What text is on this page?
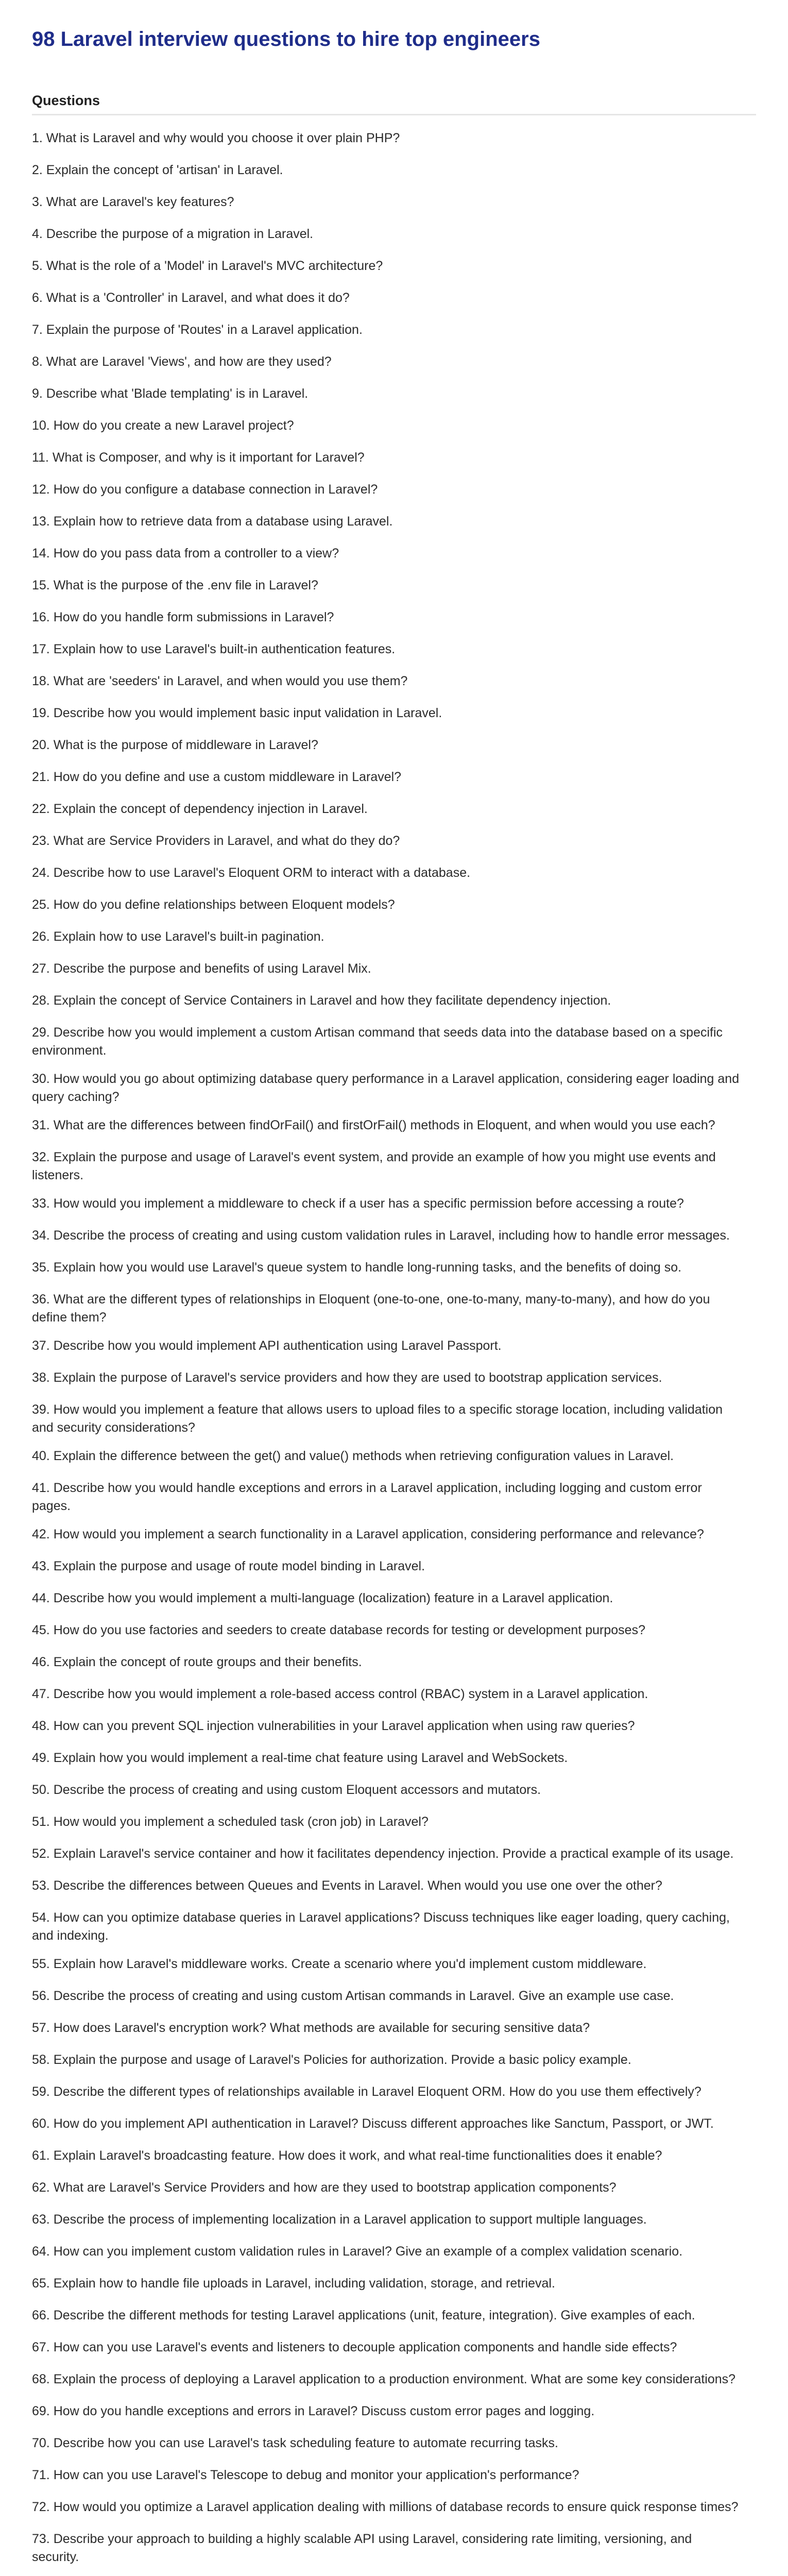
98 Laravel interview questions to hire top engineers
Questions
1. What is Laravel and why would you choose it over plain PHP?
2. Explain the concept of 'artisan' in Laravel.
3. What are Laravel's key features?
4. Describe the purpose of a migration in Laravel.
5. What is the role of a 'Model' in Laravel's MVC architecture?
6. What is a 'Controller' in Laravel, and what does it do?
7. Explain the purpose of 'Routes' in a Laravel application.
8. What are Laravel 'Views', and how are they used?
9. Describe what 'Blade templating' is in Laravel.
10. How do you create a new Laravel project?
11. What is Composer, and why is it important for Laravel?
12. How do you configure a database connection in Laravel?
13. Explain how to retrieve data from a database using Laravel.
14. How do you pass data from a controller to a view?
15. What is the purpose of the .env file in Laravel?
16. How do you handle form submissions in Laravel?
17. Explain how to use Laravel's built-in authentication features.
18. What are 'seeders' in Laravel, and when would you use them?
19. Describe how you would implement basic input validation in Laravel.
20. What is the purpose of middleware in Laravel?
21. How do you define and use a custom middleware in Laravel?
22. Explain the concept of dependency injection in Laravel.
23. What are Service Providers in Laravel, and what do they do?
24. Describe how to use Laravel's Eloquent ORM to interact with a database.
25. How do you define relationships between Eloquent models?
26. Explain how to use Laravel's built-in pagination.
27. Describe the purpose and benefits of using Laravel Mix.
28. Explain the concept of Service Containers in Laravel and how they facilitate dependency injection.
29. Describe how you would implement a custom Artisan command that seeds data into the database based on a specific environment.
30. How would you go about optimizing database query performance in a Laravel application, considering eager loading and query caching?
31. What are the differences between findOrFail() and firstOrFail() methods in Eloquent, and when would you use each?
32. Explain the purpose and usage of Laravel's event system, and provide an example of how you might use events and listeners.
33. How would you implement a middleware to check if a user has a specific permission before accessing a route?
34. Describe the process of creating and using custom validation rules in Laravel, including how to handle error messages.
35. Explain how you would use Laravel's queue system to handle long-running tasks, and the benefits of doing so.
36. What are the different types of relationships in Eloquent (one-to-one, one-to-many, many-to-many), and how do you define them?
37. Describe how you would implement API authentication using Laravel Passport.
38. Explain the purpose of Laravel's service providers and how they are used to bootstrap application services.
39. How would you implement a feature that allows users to upload files to a specific storage location, including validation and security considerations?
40. Explain the difference between the get() and value() methods when retrieving configuration values in Laravel.
41. Describe how you would handle exceptions and errors in a Laravel application, including logging and custom error pages.
42. How would you implement a search functionality in a Laravel application, considering performance and relevance?
43. Explain the purpose and usage of route model binding in Laravel.
44. Describe how you would implement a multi-language (localization) feature in a Laravel application.
45. How do you use factories and seeders to create database records for testing or development purposes?
46. Explain the concept of route groups and their benefits.
47. Describe how you would implement a role-based access control (RBAC) system in a Laravel application.
48. How can you prevent SQL injection vulnerabilities in your Laravel application when using raw queries?
49. Explain how you would implement a real-time chat feature using Laravel and WebSockets.
50. Describe the process of creating and using custom Eloquent accessors and mutators.
51. How would you implement a scheduled task (cron job) in Laravel?
52. Explain Laravel's service container and how it facilitates dependency injection. Provide a practical example of its usage.
53. Describe the differences between Queues and Events in Laravel. When would you use one over the other?
54. How can you optimize database queries in Laravel applications? Discuss techniques like eager loading, query caching, and indexing.
55. Explain how Laravel's middleware works. Create a scenario where you'd implement custom middleware.
56. Describe the process of creating and using custom Artisan commands in Laravel. Give an example use case.
57. How does Laravel's encryption work? What methods are available for securing sensitive data?
58. Explain the purpose and usage of Laravel's Policies for authorization. Provide a basic policy example.
59. Describe the different types of relationships available in Laravel Eloquent ORM. How do you use them effectively?
60. How do you implement API authentication in Laravel? Discuss different approaches like Sanctum, Passport, or JWT.
61. Explain Laravel's broadcasting feature. How does it work, and what real-time functionalities does it enable?
62. What are Laravel's Service Providers and how are they used to bootstrap application components?
63. Describe the process of implementing localization in a Laravel application to support multiple languages.
64. How can you implement custom validation rules in Laravel? Give an example of a complex validation scenario.
65. Explain how to handle file uploads in Laravel, including validation, storage, and retrieval.
66. Describe the different methods for testing Laravel applications (unit, feature, integration). Give examples of each.
67. How can you use Laravel's events and listeners to decouple application components and handle side effects?
68. Explain the process of deploying a Laravel application to a production environment. What are some key considerations?
69. How do you handle exceptions and errors in Laravel? Discuss custom error pages and logging.
70. Describe how you can use Laravel's task scheduling feature to automate recurring tasks.
71. How can you use Laravel's Telescope to debug and monitor your application's performance?
72. How would you optimize a Laravel application dealing with millions of database records to ensure quick response times?
73. Describe your approach to building a highly scalable API using Laravel, considering rate limiting, versioning, and security.
